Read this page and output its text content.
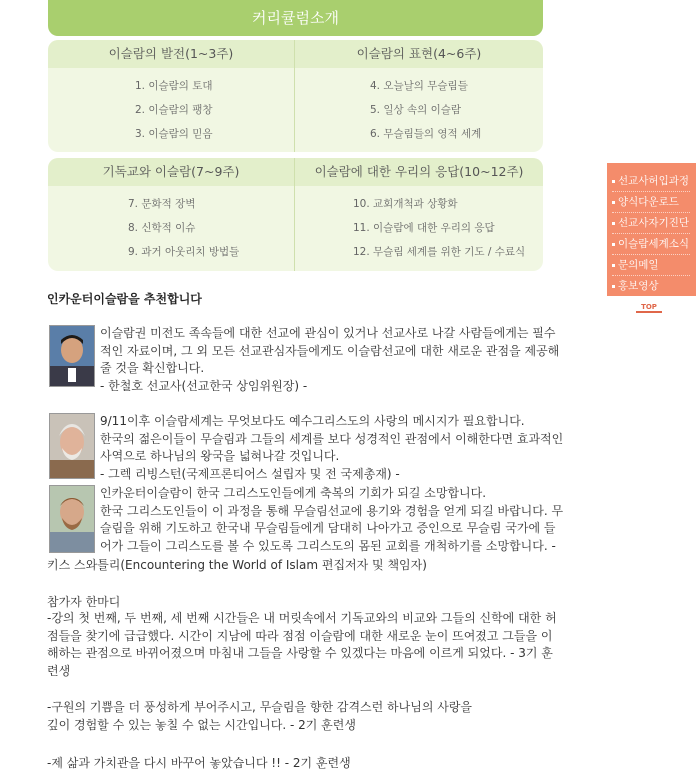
커리큘럼소개
이슬람의 발전(1~3주)	이슬람의 표현(4~6주)
1. 이슬람의 토대
2. 이슬람의 팽창
3. 이슬람의 믿음
4. 오늘날의 무슬림들
5. 일상 속의 이슬람
6. 무슬림들의 영적 세계
기독교와 이슬람(7~9주)	이슬람에 대한 우리의 응답(10~12주)
7. 문화적 장벽
8. 신학적 이슈
9. 과거 아웃리치 방법들
10. 교회개척과 상황화
11. 이슬람에 대한 우리의 응답
12. 무슬림 세계를 위한 기도 / 수료식
선교사허입과정
양식다운로드
선교사자기진단
이슬람세계소식
문의메일
홍보영상
TOP
인카운터이슬람을 추천합니다

이슬람권 미전도 족속들에 대한 선교에 관심이 있거나 선교사로 나갈 사람들에게는 필수

적인 자료이며, 그 외 모든 선교관심자들에게도 이슬람선교에 대한 새로운 관점을 제공해

줄 것을 확신합니다.

- 한철호 선교사(선교한국 상임위원장) -

9/11이후 이슬람세계는 무엇보다도 예수그리스도의 사랑의 메시지가 필요합니다.

한국의 젊은이들이 무슬림과 그들의 세계를 보다 성경적인 관점에서 이해한다면 효과적인

사역으로 하나님의 왕국을 넓혀나갈 것입니다.

- 그렉 리빙스턴(국제프론티어스 설립자 및 전 국제총재) -

인카운터이슬람이 한국 그리스도인들에게 축복의 기회가 되길 소망합니다.

한국 그리스도인들이 이 과정을 통해 무슬림선교에 용기와 경험을 얻게 되길 바랍니다. 무

슬림을 위해 기도하고 한국내 무슬림들에게 담대히 나아가고 증인으로 무슬림 국가에 들

어가 그들이 그리스도를 볼 수 있도록 그리스도의 몸된 교회를 개척하기를 소망합니다. -

키스 스와틀리(Encountering the World of Islam 편집저자 및 책임자)
참가자 한마디

-강의 첫 번째, 두 번째, 세 번째 시간들은 내 머릿속에서 기독교와의 비교와 그들의 신학에 대한 허

점들을 찾기에 급급했다. 시간이 지남에 따라 점점 이슬람에 대한 새로운 눈이 뜨여졌고 그들을 이

해하는 관점으로 바뀌어졌으며 마침내 그들을 사랑할 수 있겠다는 마음에 이르게 되었다. - 3기 훈

련생

-구원의 기쁨을 더 풍성하게 부어주시고, 무슬림을 향한 감격스런 하나님의 사랑을

깊이 경험할 수 있는 놓칠 수 없는 시간입니다. - 2기 훈련생

-제 삶과 가치관을 다시 바꾸어 놓았습니다 !! - 2기 훈련생
